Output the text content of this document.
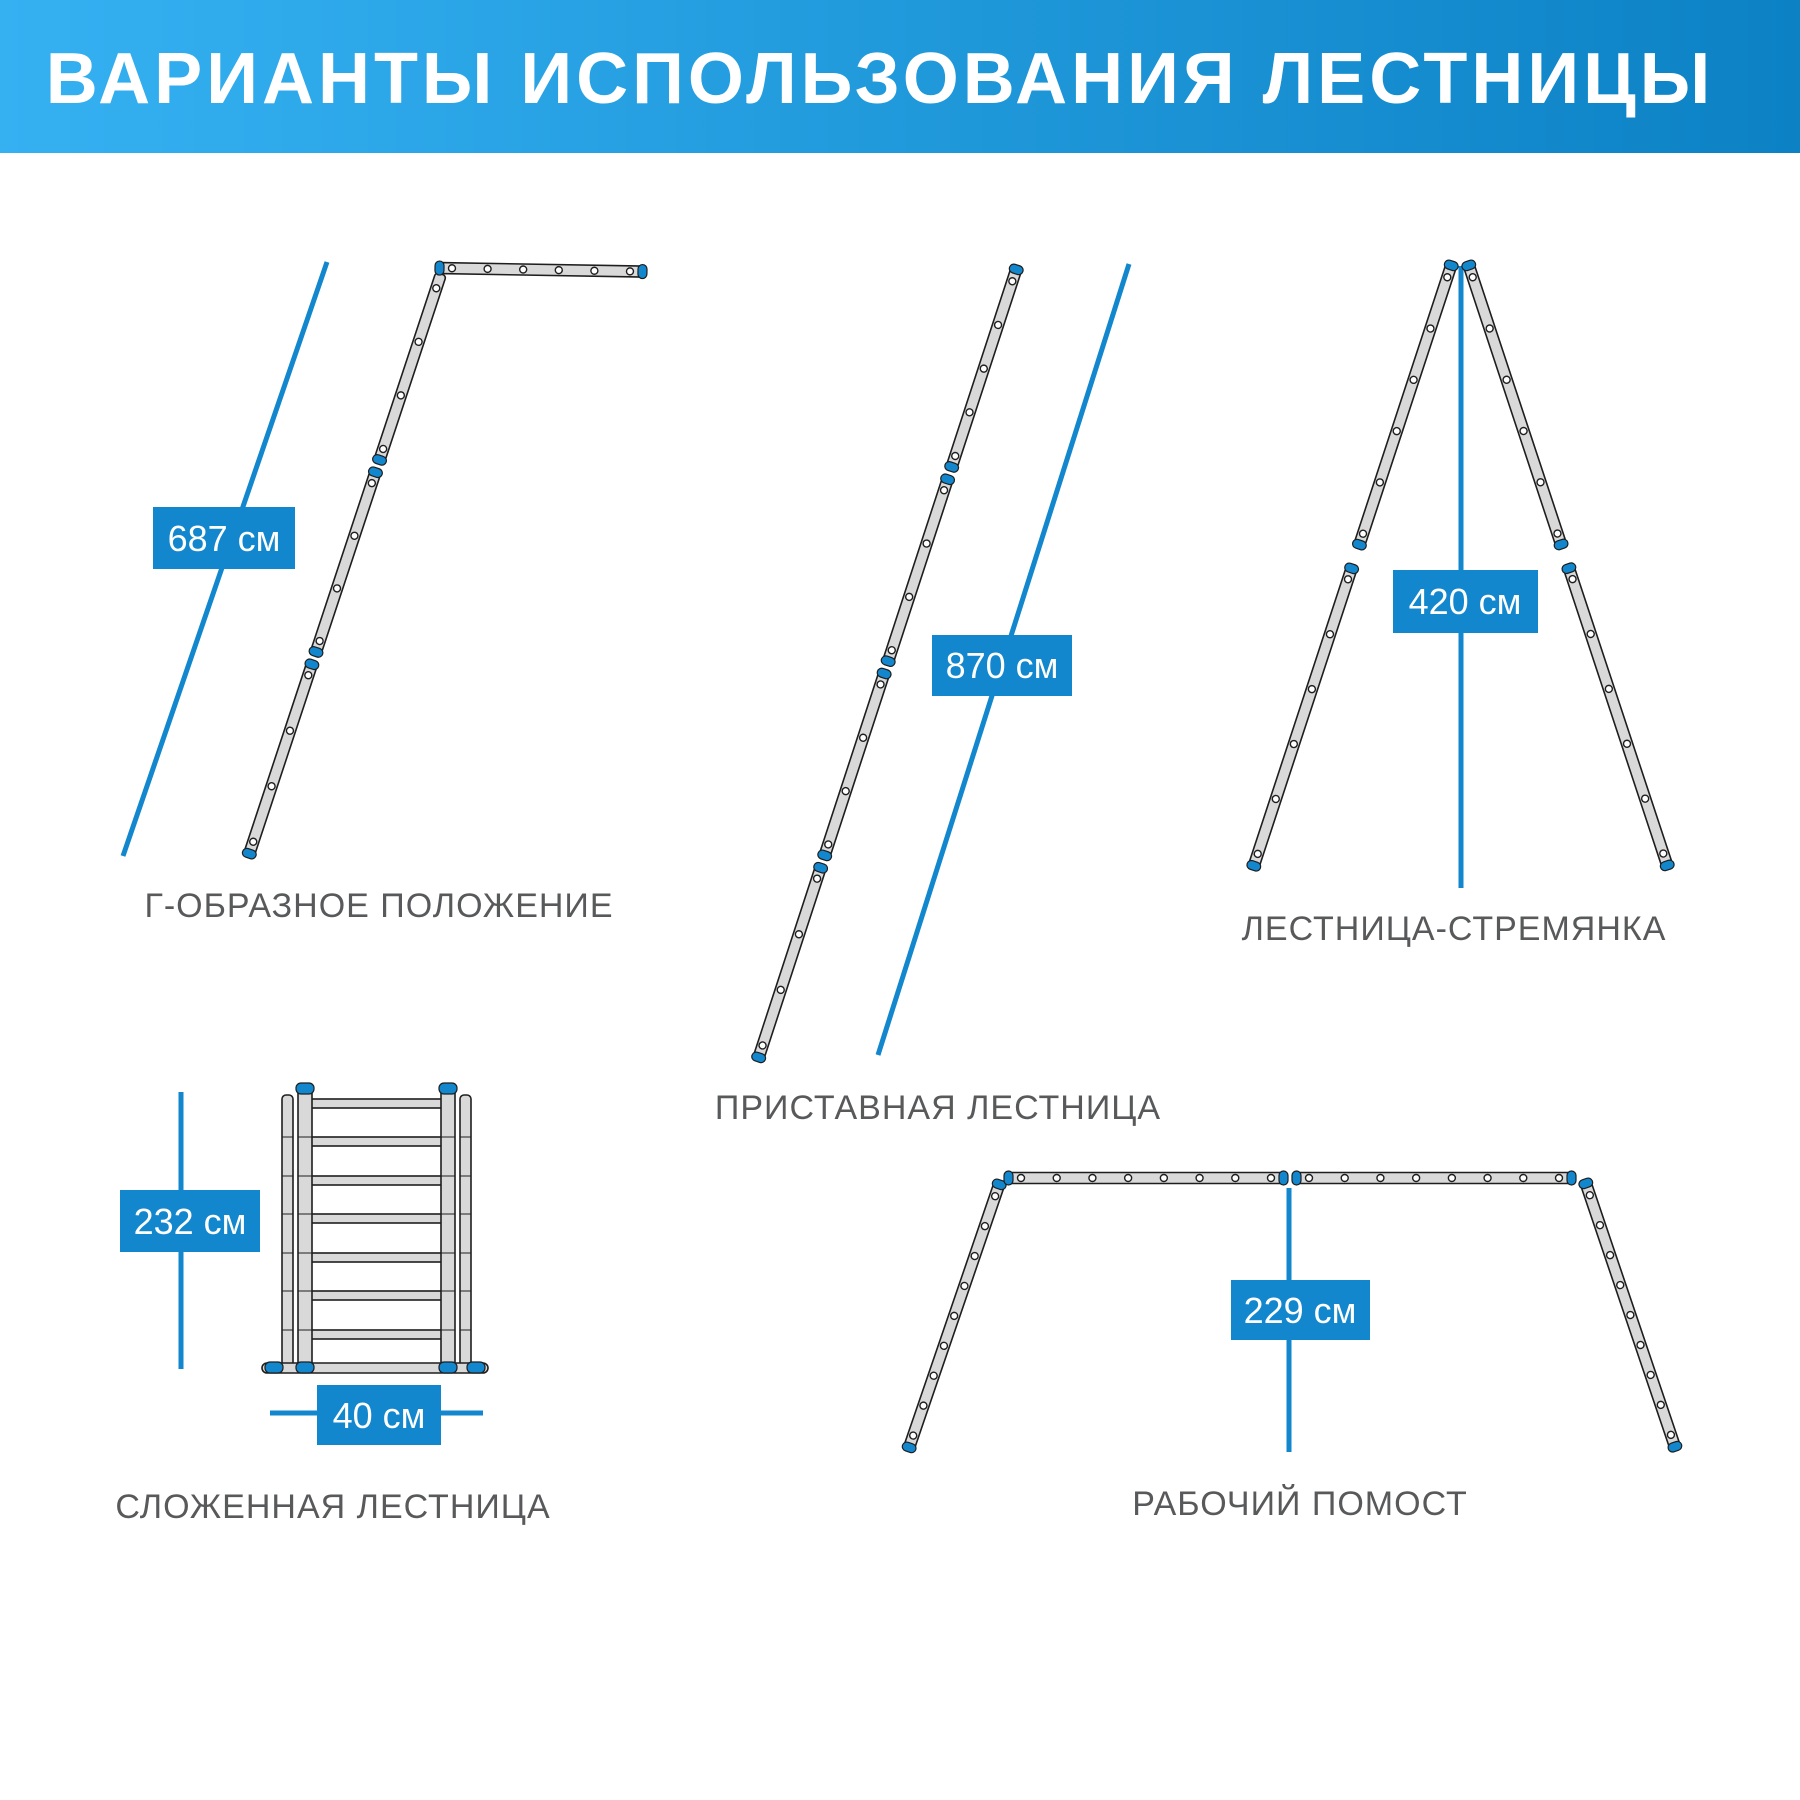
ВАРИАНТЫ ИСПОЛЬЗОВАНИЯ ЛЕСТНИЦЫ
687 см
Г-ОБРАЗНОЕ ПОЛОЖЕНИЕ
870 см
ПРИСТАВНАЯ ЛЕСТНИЦА
420 см
ЛЕСТНИЦА-СТРЕМЯНКА
232 см
40 см
СЛОЖЕННАЯ ЛЕСТНИЦА
229 см
РАБОЧИЙ ПОМОСТ
